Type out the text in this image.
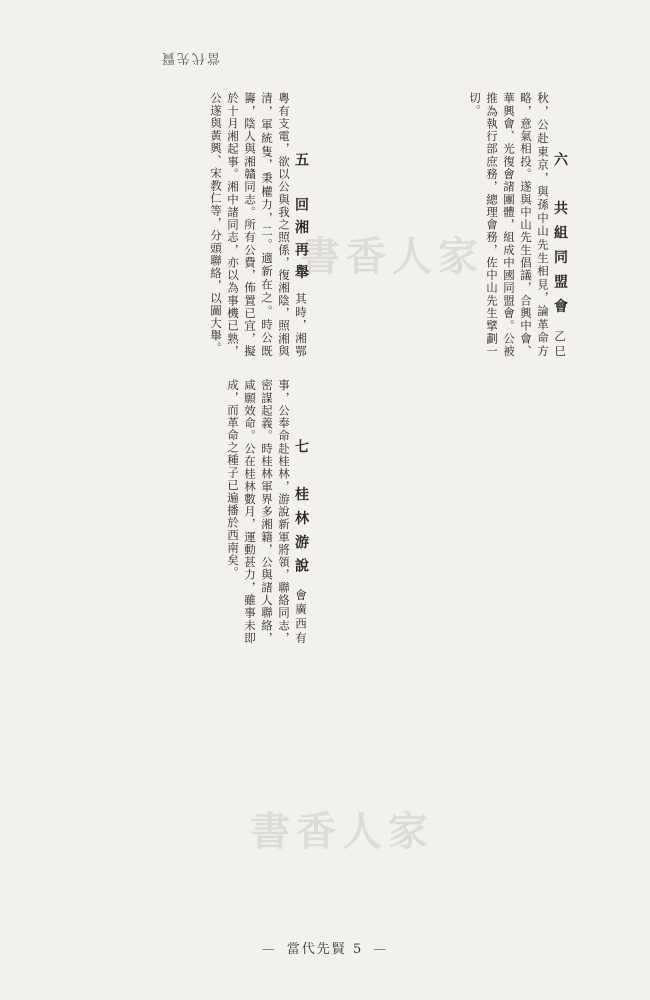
當代先賢
五　回湘再舉 其時，湘鄂粵有支電，欲以公與我之照係，復湘陰，照湘與清，軍統隻，秉權力，二。適新在之。時公既籌，陰人與湘贛同志。所有公費，佈置已宜，擬於十月湘起事。湘中諸同志，亦以為事機已熟，公遂與黃興、宋教仁等，分頭聯絡，以圖大舉。	六　共組同盟會 乙巳秋，公赴東京，與孫中山先生相見，論革命方略，意氣相投。遂與中山先生倡議，合興中會、華興會、光復會諸團體，組成中國同盟會。公被推為執行部庶務，總理會務，佐中山先生擘劃一切。
七　桂林游說 會廣西有事，公奉命赴桂林，游說新軍將領，聯絡同志，密謀起義。時桂林軍界多湘籍，公與諸人聯絡，咸願效命。公在桂林數月，運動甚力，雖事未即成，而革命之種子已遍播於西南矣。
書香人家
書香人家
— 當代先賢 5 —
